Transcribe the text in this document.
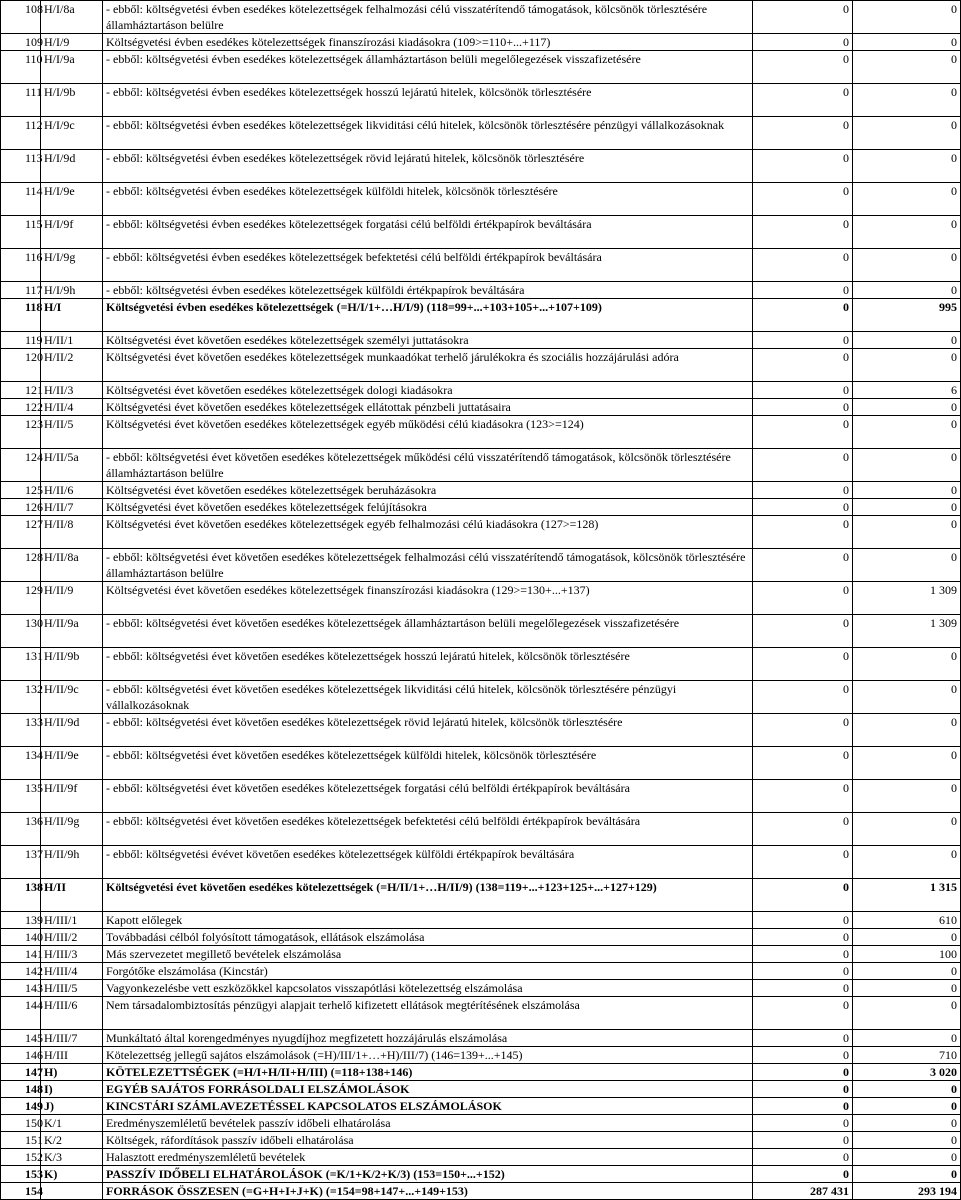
108	H/I/8a	- ebből: költségvetési évben esedékes kötelezettségek felhalmozási célú visszatérítendő támogatások, kölcsönök törlesztésére államháztartáson belülre	0	0
109	H/I/9	Költségvetési évben esedékes kötelezettségek finanszírozási kiadásokra (109>=110+...+117)	0	0
110	H/I/9a	- ebből: költségvetési évben esedékes kötelezettségek államháztartáson belüli megelőlegezések visszafizetésére	0	0
111	H/I/9b	- ebből: költségvetési évben esedékes kötelezettségek hosszú lejáratú hitelek, kölcsönök törlesztésére	0	0
112	H/I/9c	- ebből: költségvetési évben esedékes kötelezettségek likviditási célú hitelek, kölcsönök törlesztésére pénzügyi vállalkozásoknak	0	0
113	H/I/9d	- ebből: költségvetési évben esedékes kötelezettségek rövid lejáratú hitelek, kölcsönök törlesztésére	0	0
114	H/I/9e	- ebből: költségvetési évben esedékes kötelezettségek külföldi hitelek, kölcsönök törlesztésére	0	0
115	H/I/9f	- ebből: költségvetési évben esedékes kötelezettségek forgatási célú belföldi értékpapírok beváltására	0	0
116	H/I/9g	- ebből: költségvetési évben esedékes kötelezettségek befektetési célú belföldi értékpapírok beváltására	0	0
117	H/I/9h	- ebből: költségvetési évben esedékes kötelezettségek külföldi értékpapírok beváltására	0	0
118	H/I	Költségvetési évben esedékes kötelezettségek (=H/I/1+…H/I/9) (118=99+...+103+105+...+107+109)	0	995
119	H/II/1	Költségvetési évet követően esedékes kötelezettségek személyi juttatásokra	0	0
120	H/II/2	Költségvetési évet követően esedékes kötelezettségek munkaadókat terhelő járulékokra és szociális hozzájárulási adóra	0	0
121	H/II/3	Költségvetési évet követően esedékes kötelezettségek dologi kiadásokra	0	6
122	H/II/4	Költségvetési évet követően esedékes kötelezettségek ellátottak pénzbeli juttatásaira	0	0
123	H/II/5	Költségvetési évet követően esedékes kötelezettségek egyéb működési célú kiadásokra (123>=124)	0	0
124	H/II/5a	- ebből: költségvetési évet követően esedékes kötelezettségek működési célú visszatérítendő támogatások, kölcsönök törlesztésére államháztartáson belülre	0	0
125	H/II/6	Költségvetési évet követően esedékes kötelezettségek beruházásokra	0	0
126	H/II/7	Költségvetési évet követően esedékes kötelezettségek felújításokra	0	0
127	H/II/8	Költségvetési évet követően esedékes kötelezettségek egyéb felhalmozási célú kiadásokra (127>=128)	0	0
128	H/II/8a	- ebből: költségvetési évet követően esedékes kötelezettségek felhalmozási célú visszatérítendő támogatások, kölcsönök törlesztésére államháztartáson belülre	0	0
129	H/II/9	Költségvetési évet követően esedékes kötelezettségek finanszírozási kiadásokra (129>=130+...+137)	0	1 309
130	H/II/9a	- ebből: költségvetési évet követően esedékes kötelezettségek államháztartáson belüli megelőlegezések visszafizetésére	0	1 309
131	H/II/9b	- ebből: költségvetési évet követően esedékes kötelezettségek hosszú lejáratú hitelek, kölcsönök törlesztésére	0	0
132	H/II/9c	- ebből: költségvetési évet követően esedékes kötelezettségek likviditási célú hitelek, kölcsönök törlesztésére pénzügyi vállalkozásoknak	0	0
133	H/II/9d	- ebből: költségvetési évet követően esedékes kötelezettségek rövid lejáratú hitelek, kölcsönök törlesztésére	0	0
134	H/II/9e	- ebből: költségvetési évet követően esedékes kötelezettségek külföldi hitelek, kölcsönök törlesztésére	0	0
135	H/II/9f	- ebből: költségvetési évet követően esedékes kötelezettségek forgatási célú belföldi értékpapírok beváltására	0	0
136	H/II/9g	- ebből: költségvetési évet követően esedékes kötelezettségek befektetési célú belföldi értékpapírok beváltására	0	0
137	H/II/9h	- ebből: költségvetési évévet követően esedékes kötelezettségek külföldi értékpapírok beváltására	0	0
138	H/II	Költségvetési évet követően esedékes kötelezettségek (=H/II/1+…H/II/9) (138=119+...+123+125+...+127+129)	0	1 315
139	H/III/1	Kapott előlegek	0	610
140	H/III/2	Továbbadási célból folyósított támogatások, ellátások elszámolása	0	0
141	H/III/3	Más szervezetet megillető bevételek elszámolása	0	100
142	H/III/4	Forgótőke elszámolása (Kincstár)	0	0
143	H/III/5	Vagyonkezelésbe vett eszközökkel kapcsolatos visszapótlási kötelezettség elszámolása	0	0
144	H/III/6	Nem társadalombiztosítás pénzügyi alapjait terhelő kifizetett ellátások megtérítésének elszámolása	0	0
145	H/III/7	Munkáltató által korengedményes nyugdíjhoz megfizetett hozzájárulás elszámolása	0	0
146	H/III	Kötelezettség jellegű sajátos elszámolások (=H)/III/1+…+H)/III/7) (146=139+...+145)	0	710
147	H)	KÖTELEZETTSÉGEK (=H/I+H/II+H/III) (=118+138+146)	0	3 020
148	I)	EGYÉB SAJÁTOS FORRÁSOLDALI ELSZÁMOLÁSOK	0	0
149	J)	KINCSTÁRI SZÁMLAVEZETÉSSEL KAPCSOLATOS ELSZÁMOLÁSOK	0	0
150	K/1	Eredményszemléletű bevételek passzív időbeli elhatárolása	0	0
151	K/2	Költségek, ráfordítások passzív időbeli elhatárolása	0	0
152	K/3	Halasztott eredményszemléletű bevételek	0	0
153	K)	PASSZÍV IDŐBELI ELHATÁROLÁSOK (=K/1+K/2+K/3) (153=150+...+152)	0	0
154		FORRÁSOK ÖSSZESEN (=G+H+I+J+K) (=154=98+147+...+149+153)	287 431	293 194
